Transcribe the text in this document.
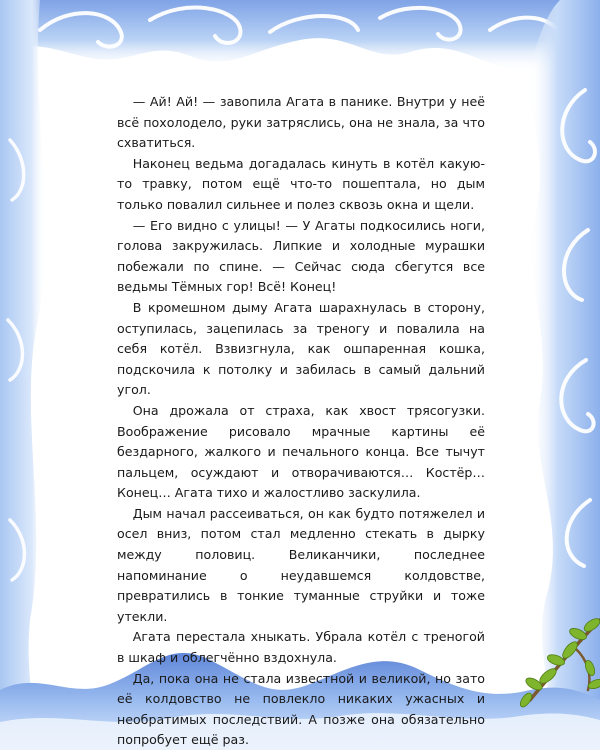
— Ай! Ай! — завопила Агата в панике. Внутри у неё всё похолодело, руки затряслись, она не знала, за что схватиться.

Наконец ведьма догадалась кинуть в котёл какую-то травку, потом ещё что-то пошептала, но дым только повалил сильнее и полез сквозь окна и щели.

— Его видно с улицы! — У Агаты подкосились ноги, голова закружилась. Липкие и холодные мурашки побежали по спине. — Сейчас сюда сбегутся все ведьмы Тёмных гор! Всё! Конец!

В кромешном дыму Агата шарахнулась в сторону, оступилась, зацепилась за треногу и повалила на себя котёл. Взвизгнула, как ошпаренная кошка, подскочила к потолку и забилась в самый дальний угол.

Она дрожала от страха, как хвост трясогузки. Воображение рисовало мрачные картины её бездарного, жалкого и печального конца. Все тычут пальцем, осуждают и отворачиваются… Костёр… Конец… Агата тихо и жалостливо заскулила.

Дым начал рассеиваться, он как будто потяжелел и осел вниз, потом стал медленно стекать в дырку между половиц. Великанчики, последнее напоминание о неудавшемся колдовстве, превратились в тонкие туманные струйки и тоже утекли.

Агата перестала хныкать. Убрала котёл с треногой в шкаф и облегчённо вздохнула.

Да, пока она не стала известной и великой, но зато её колдовство не повлекло никаких ужасных и необратимых последствий. А позже она обязательно попробует ещё раз.
